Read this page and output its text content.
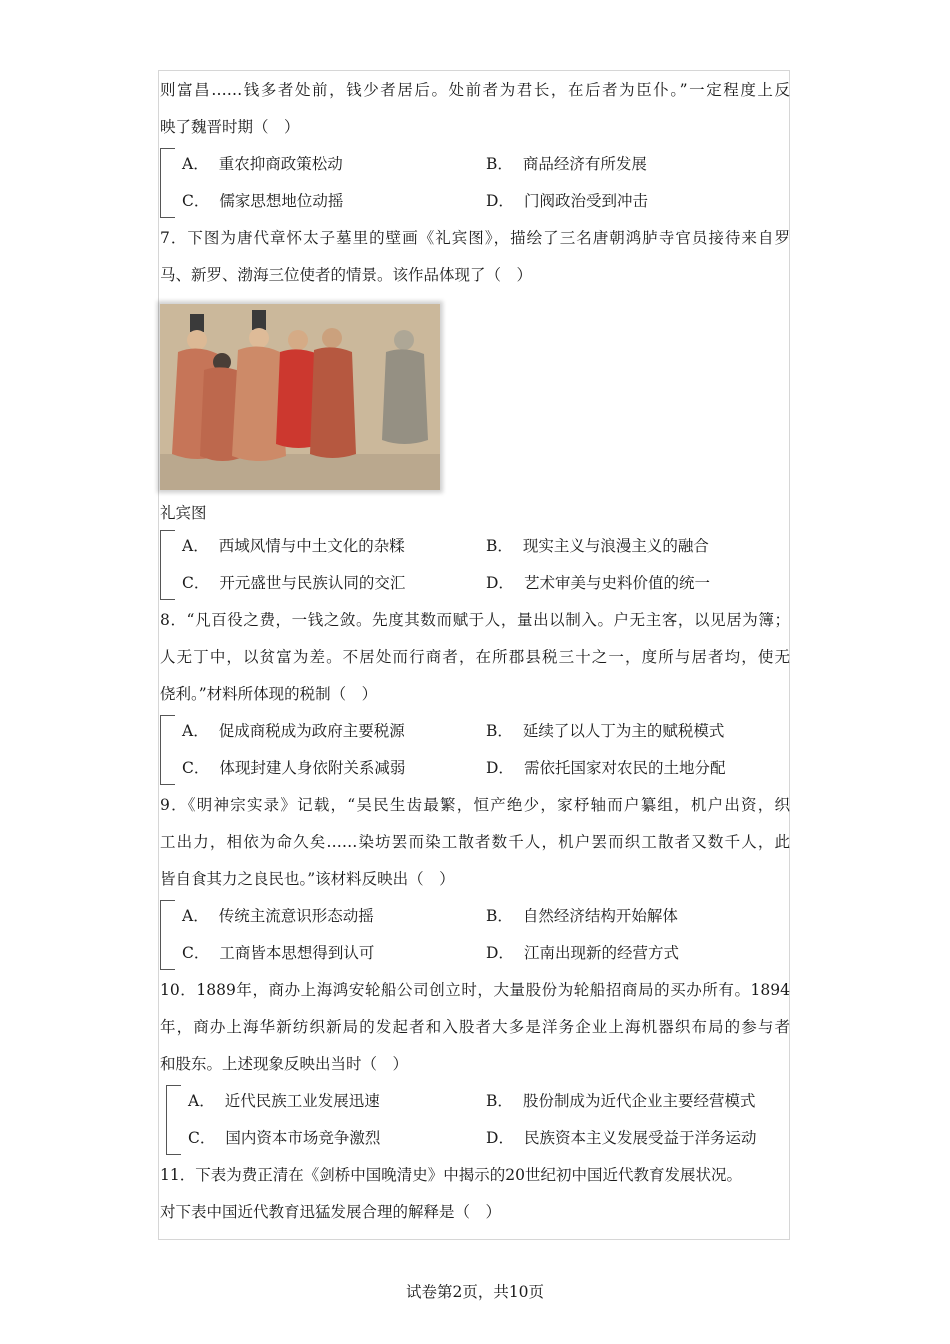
则富昌……钱多者处前，钱少者居后。处前者为君长，在后者为臣仆。”一定程度上反
映了魏晋时期（　）
A． 重农抑商政策松动	B． 商品经济有所发展
C． 儒家思想地位动摇	D． 门阀政治受到冲击
7．下图为唐代章怀太子墓里的壁画《礼宾图》，描绘了三名唐朝鸿胪寺官员接待来自罗
马、新罗、渤海三位使者的情景。该作品体现了（　）
礼宾图
A． 西域风情与中土文化的杂糅	B． 现实主义与浪漫主义的融合
C． 开元盛世与民族认同的交汇	D． 艺术审美与史料价值的统一
8．“凡百役之费，一钱之敛。先度其数而赋于人，量出以制入。户无主客，以见居为簿；
人无丁中，以贫富为差。不居处而行商者，在所郡县税三十之一，度所与居者均，使无
侥利。”材料所体现的税制（　）
A． 促成商税成为政府主要税源	B． 延续了以人丁为主的赋税模式
C． 体现封建人身依附关系减弱	D． 需依托国家对农民的土地分配
9．《明神宗实录》记载，“吴民生齿最繁，恒产绝少，家杼轴而户纂组，机户出资，织
工出力，相依为命久矣……染坊罢而染工散者数千人，机户罢而织工散者又数千人，此
皆自食其力之良民也。”该材料反映出（　）
A． 传统主流意识形态动摇	B． 自然经济结构开始解体
C． 工商皆本思想得到认可	D． 江南出现新的经营方式
10．1889年，商办上海鸿安轮船公司创立时，大量股份为轮船招商局的买办所有。1894
年，商办上海华新纺织新局的发起者和入股者大多是洋务企业上海机器织布局的参与者
和股东。上述现象反映出当时（　）
A． 近代民族工业发展迅速	B． 股份制成为近代企业主要经营模式
C． 国内资本市场竞争激烈	D． 民族资本主义发展受益于洋务运动
11．下表为费正清在《剑桥中国晚清史》中揭示的20世纪初中国近代教育发展状况。
对下表中国近代教育迅猛发展合理的解释是（　）
试卷第2页，共10页
